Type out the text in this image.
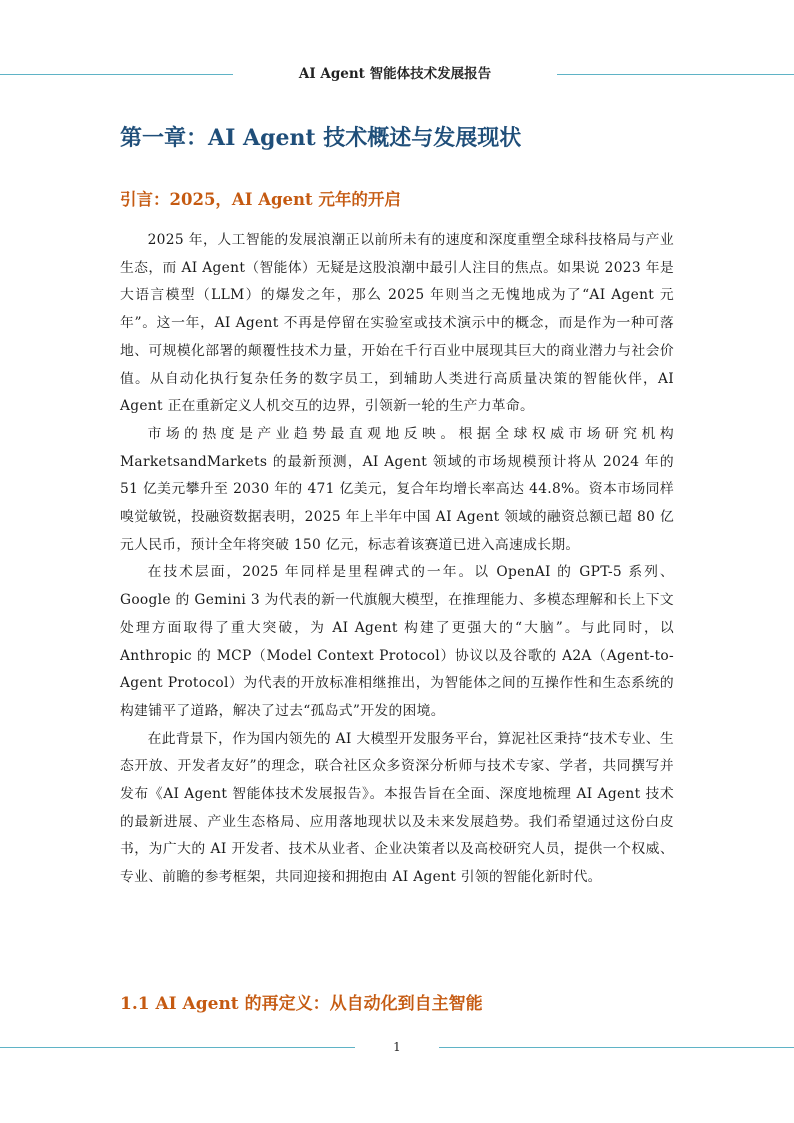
AI Agent 智能体技术发展报告
第一章：AI Agent 技术概述与发展现状
引言：2025，AI Agent 元年的开启

2025 年，人工智能的发展浪潮正以前所未有的速度和深度重塑全球科技格局与产业生态，而 AI Agent（智能体）无疑是这股浪潮中最引人注目的焦点。如果说 2023 年是大语言模型（LLM）的爆发之年，那么 2025 年则当之无愧地成为了“AI Agent 元年”。这一年，AI Agent 不再是停留在实验室或技术演示中的概念，而是作为一种可落地、可规模化部署的颠覆性技术力量，开始在千行百业中展现其巨大的商业潜力与社会价值。从自动化执行复杂任务的数字员工，到辅助人类进行高质量决策的智能伙伴，AI Agent 正在重新定义人机交互的边界，引领新一轮的生产力革命。

市场的热度是产业趋势最直观地反映。根据全球权威市场研究机构 MarketsandMarkets 的最新预测，AI Agent 领域的市场规模预计将从 2024 年的 51 亿美元攀升至 2030 年的 471 亿美元，复合年均增长率高达 44.8%。资本市场同样嗅觉敏锐，投融资数据表明，2025 年上半年中国 AI Agent 领域的融资总额已超 80 亿元人民币，预计全年将突破 150 亿元，标志着该赛道已进入高速成长期。

在技术层面，2025 年同样是里程碑式的一年。以 OpenAI 的 GPT-5 系列、Google 的 Gemini 3 为代表的新一代旗舰大模型，在推理能力、多模态理解和长上下文处理方面取得了重大突破，为 AI Agent 构建了更强大的“大脑”。与此同时，以 Anthropic 的 MCP（Model Context Protocol）协议以及谷歌的 A2A（Agent-to-Agent Protocol）为代表的开放标准相继推出，为智能体之间的互操作性和生态系统的构建铺平了道路，解决了过去“孤岛式”开发的困境。

在此背景下，作为国内领先的 AI 大模型开发服务平台，算泥社区秉持“技术专业、生态开放、开发者友好”的理念，联合社区众多资深分析师与技术专家、学者，共同撰写并发布《AI Agent 智能体技术发展报告》。本报告旨在全面、深度地梳理 AI Agent 技术的最新进展、产业生态格局、应用落地现状以及未来发展趋势。我们希望通过这份白皮书，为广大的 AI 开发者、技术从业者、企业决策者以及高校研究人员，提供一个权威、专业、前瞻的参考框架，共同迎接和拥抱由 AI Agent 引领的智能化新时代。

1.1 AI Agent 的再定义：从自动化到自主智能
1
